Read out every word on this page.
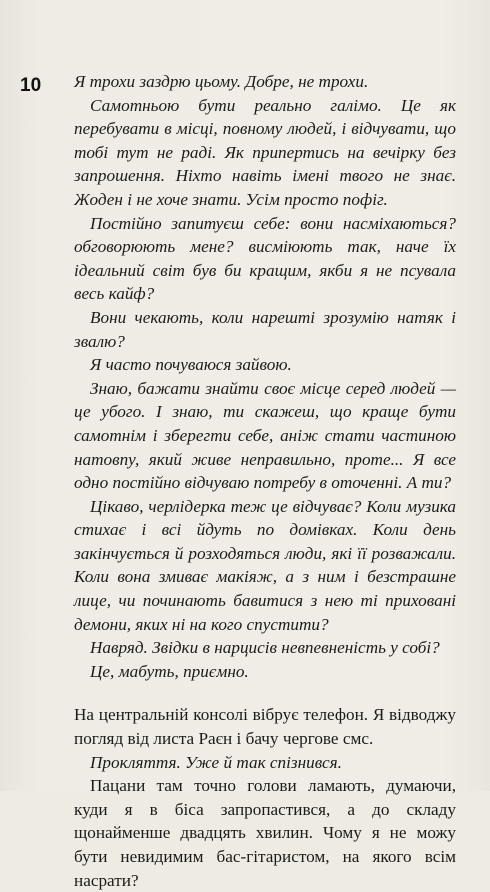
10 Я трохи заздрю цьому. Добре, не трохи.

Самотньою бути реально галімо. Це як перебувати в місці, повному людей, і відчувати, що тобі тут не раді. Як припертись на вечірку без запрошення. Ніхто навіть імені твого не знає. Жоден і не хоче знати. Усім просто пофіг.

Постійно запитуєш себе: вони насміхаються? обговорюють мене? висміюють так, наче їх ідеальний світ був би кращим, якби я не псувала весь кайф?

Вони чекають, коли нарешті зрозумію натяк і звалю?

Я часто почуваюся зайвою.

Знаю, бажати знайти своє місце серед людей — це убого. І знаю, ти скажеш, що краще бути самотнім і зберегти себе, аніж стати частиною натовпу, який живе неправильно, проте... Я все одно постійно відчуваю потребу в оточенні. А ти?

Цікаво, черлідерка теж це відчуває? Коли музика стихає і всі йдуть по домівках. Коли день закінчується й розходяться люди, які її розважали. Коли вона змиває макіяж, а з ним і безстрашне лице, чи починають бавитися з нею ті приховані демони, яких ні на кого спустити?

Навряд. Звідки в нарцисів невпевненість у собі?

Це, мабуть, приємно.

На центральній консолі вібрує телефон. Я відводжу погляд від листа Раєн і бачу чергове смс.

Прокляття. Уже й так спізнився.

Пацани там точно голови ламають, думаючи, куди я в біса запропастився, а до складу щонайменше двадцять хвилин. Чому я не можу бути невидимим бас-гітаристом, на якого всім насрати?
